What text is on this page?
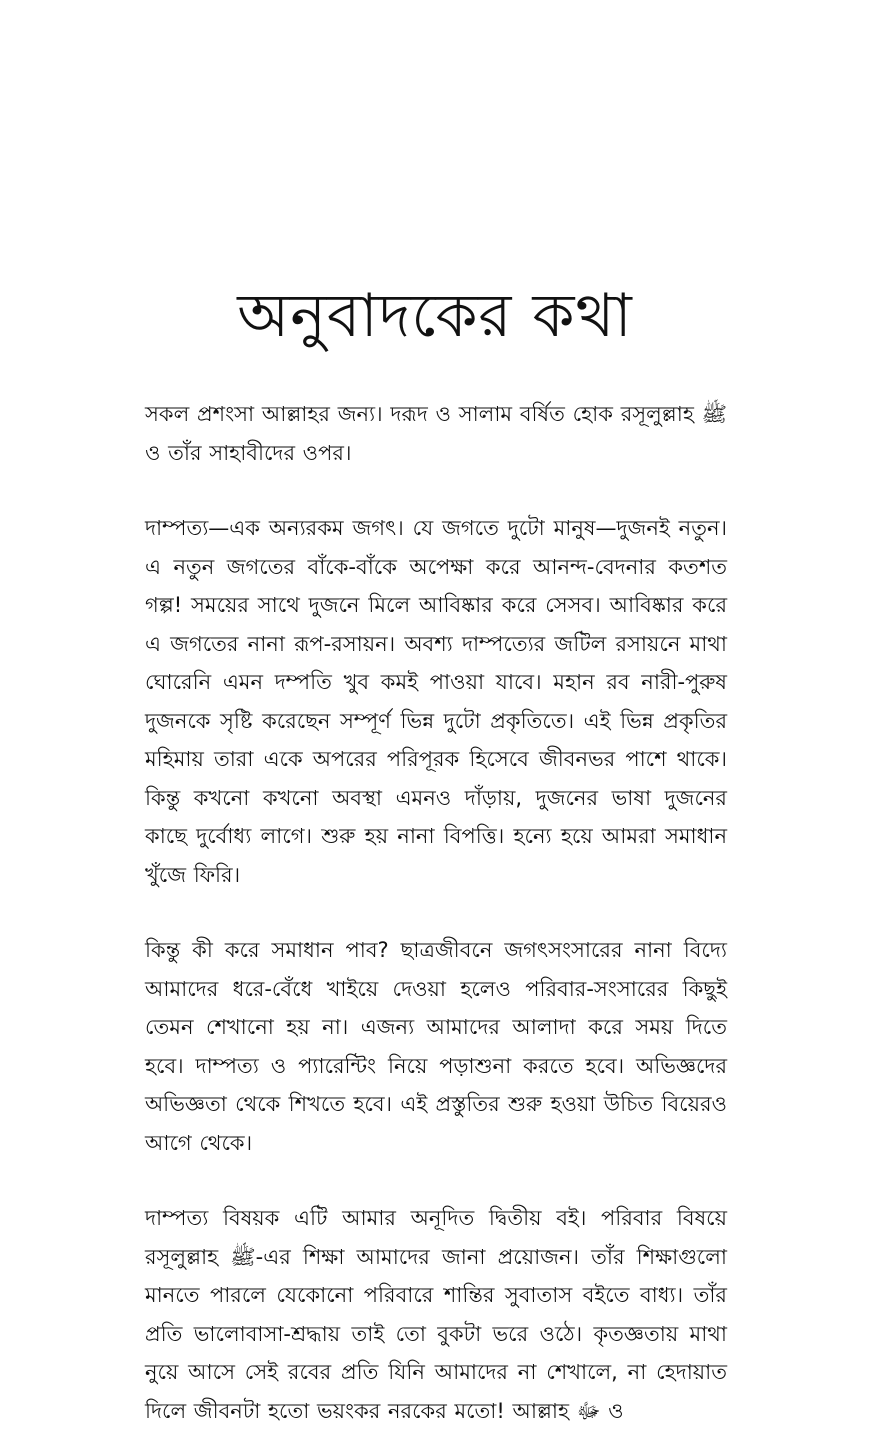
অনুবাদকের কথা

সকল প্রশংসা আল্লাহর জন্য। দরূদ ও সালাম বর্ষিত হোক রসূলুল্লাহ ﷺ ও তাঁর সাহাবীদের ওপর।

দাম্পত্য—এক অন্যরকম জগৎ। যে জগতে দুটো মানুষ—দুজনই নতুন। এ নতুন জগতের বাঁকে-বাঁকে অপেক্ষা করে আনন্দ-বেদনার কতশত গল্প! সময়ের সাথে দুজনে মিলে আবিষ্কার করে সেসব। আবিষ্কার করে এ জগতের নানা রূপ-রসায়ন। অবশ্য দাম্পত্যের জটিল রসায়নে মাথা ঘোরেনি এমন দম্পতি খুব কমই পাওয়া যাবে। মহান রব নারী-পুরুষ দুজনকে সৃষ্টি করেছেন সম্পূর্ণ ভিন্ন দুটো প্রকৃতিতে। এই ভিন্ন প্রকৃতির মহিমায় তারা একে অপরের পরিপূরক হিসেবে জীবনভর পাশে থাকে। কিন্তু কখনো কখনো অবস্থা এমনও দাঁড়ায়, দুজনের ভাষা দুজনের কাছে দুর্বোধ্য লাগে। শুরু হয় নানা বিপত্তি। হন্যে হয়ে আমরা সমাধান খুঁজে ফিরি।

কিন্তু কী করে সমাধান পাব? ছাত্রজীবনে জগৎসংসারের নানা বিদ্যে আমাদের ধরে-বেঁধে খাইয়ে দেওয়া হলেও পরিবার-সংসারের কিছুই তেমন শেখানো হয় না। এজন্য আমাদের আলাদা করে সময় দিতে হবে। দাম্পত্য ও প্যারেন্টিং নিয়ে পড়াশুনা করতে হবে। অভিজ্ঞদের অভিজ্ঞতা থেকে শিখতে হবে। এই প্রস্তুতির শুরু হওয়া উচিত বিয়েরও আগে থেকে।

দাম্পত্য বিষয়ক এটি আমার অনূদিত দ্বিতীয় বই। পরিবার বিষয়ে রসূলুল্লাহ ﷺ-এর শিক্ষা আমাদের জানা প্রয়োজন। তাঁর শিক্ষাগুলো মানতে পারলে যেকোনো পরিবারে শান্তির সুবাতাস বইতে বাধ্য। তাঁর প্রতি ভালোবাসা-শ্রদ্ধায় তাই তো বুকটা ভরে ওঠে। কৃতজ্ঞতায় মাথা নুয়ে আসে সেই রবের প্রতি যিনি আমাদের না শেখালে, না হেদায়াত দিলে জীবনটা হতো ভয়ংকর নরকের মতো! আল্লাহ ﷻ ও
